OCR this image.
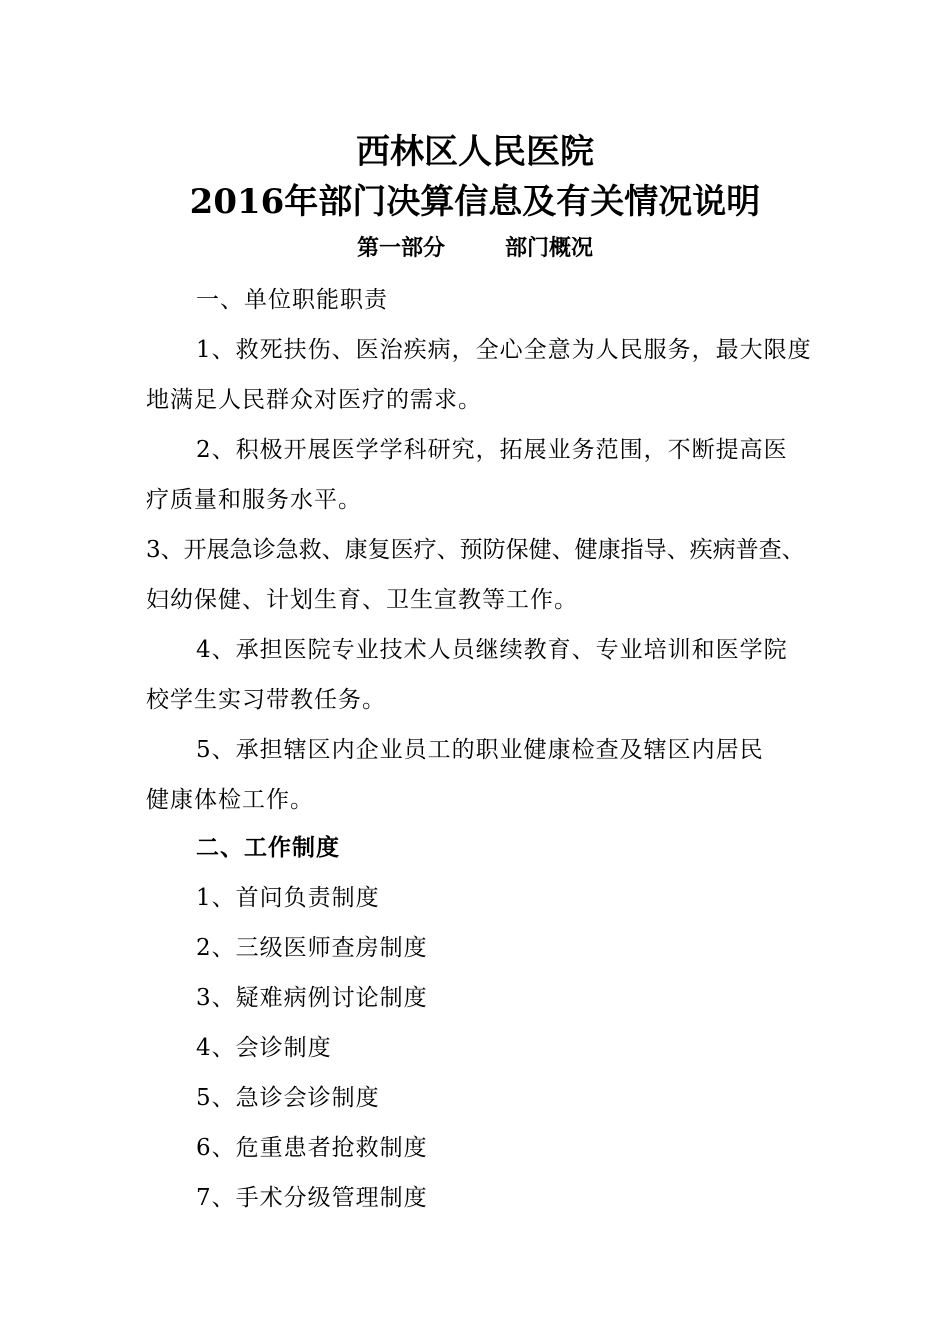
西林区人民医院
2016年部门决算信息及有关情况说明
第一部分	部门概况
一、单位职能职责
1、救死扶伤、医治疾病，全心全意为人民服务，最大限度
地满足人民群众对医疗的需求。
2、积极开展医学学科研究，拓展业务范围，不断提高医
疗质量和服务水平。
3、开展急诊急救、康复医疗、预防保健、健康指导、疾病普查、
妇幼保健、计划生育、卫生宣教等工作。
4、承担医院专业技术人员继续教育、专业培训和医学院
校学生实习带教任务。
5、承担辖区内企业员工的职业健康检查及辖区内居民
健康体检工作。
二、工作制度
1、首问负责制度
2、三级医师查房制度
3、疑难病例讨论制度
4、会诊制度
5、急诊会诊制度
6、危重患者抢救制度
7、手术分级管理制度
